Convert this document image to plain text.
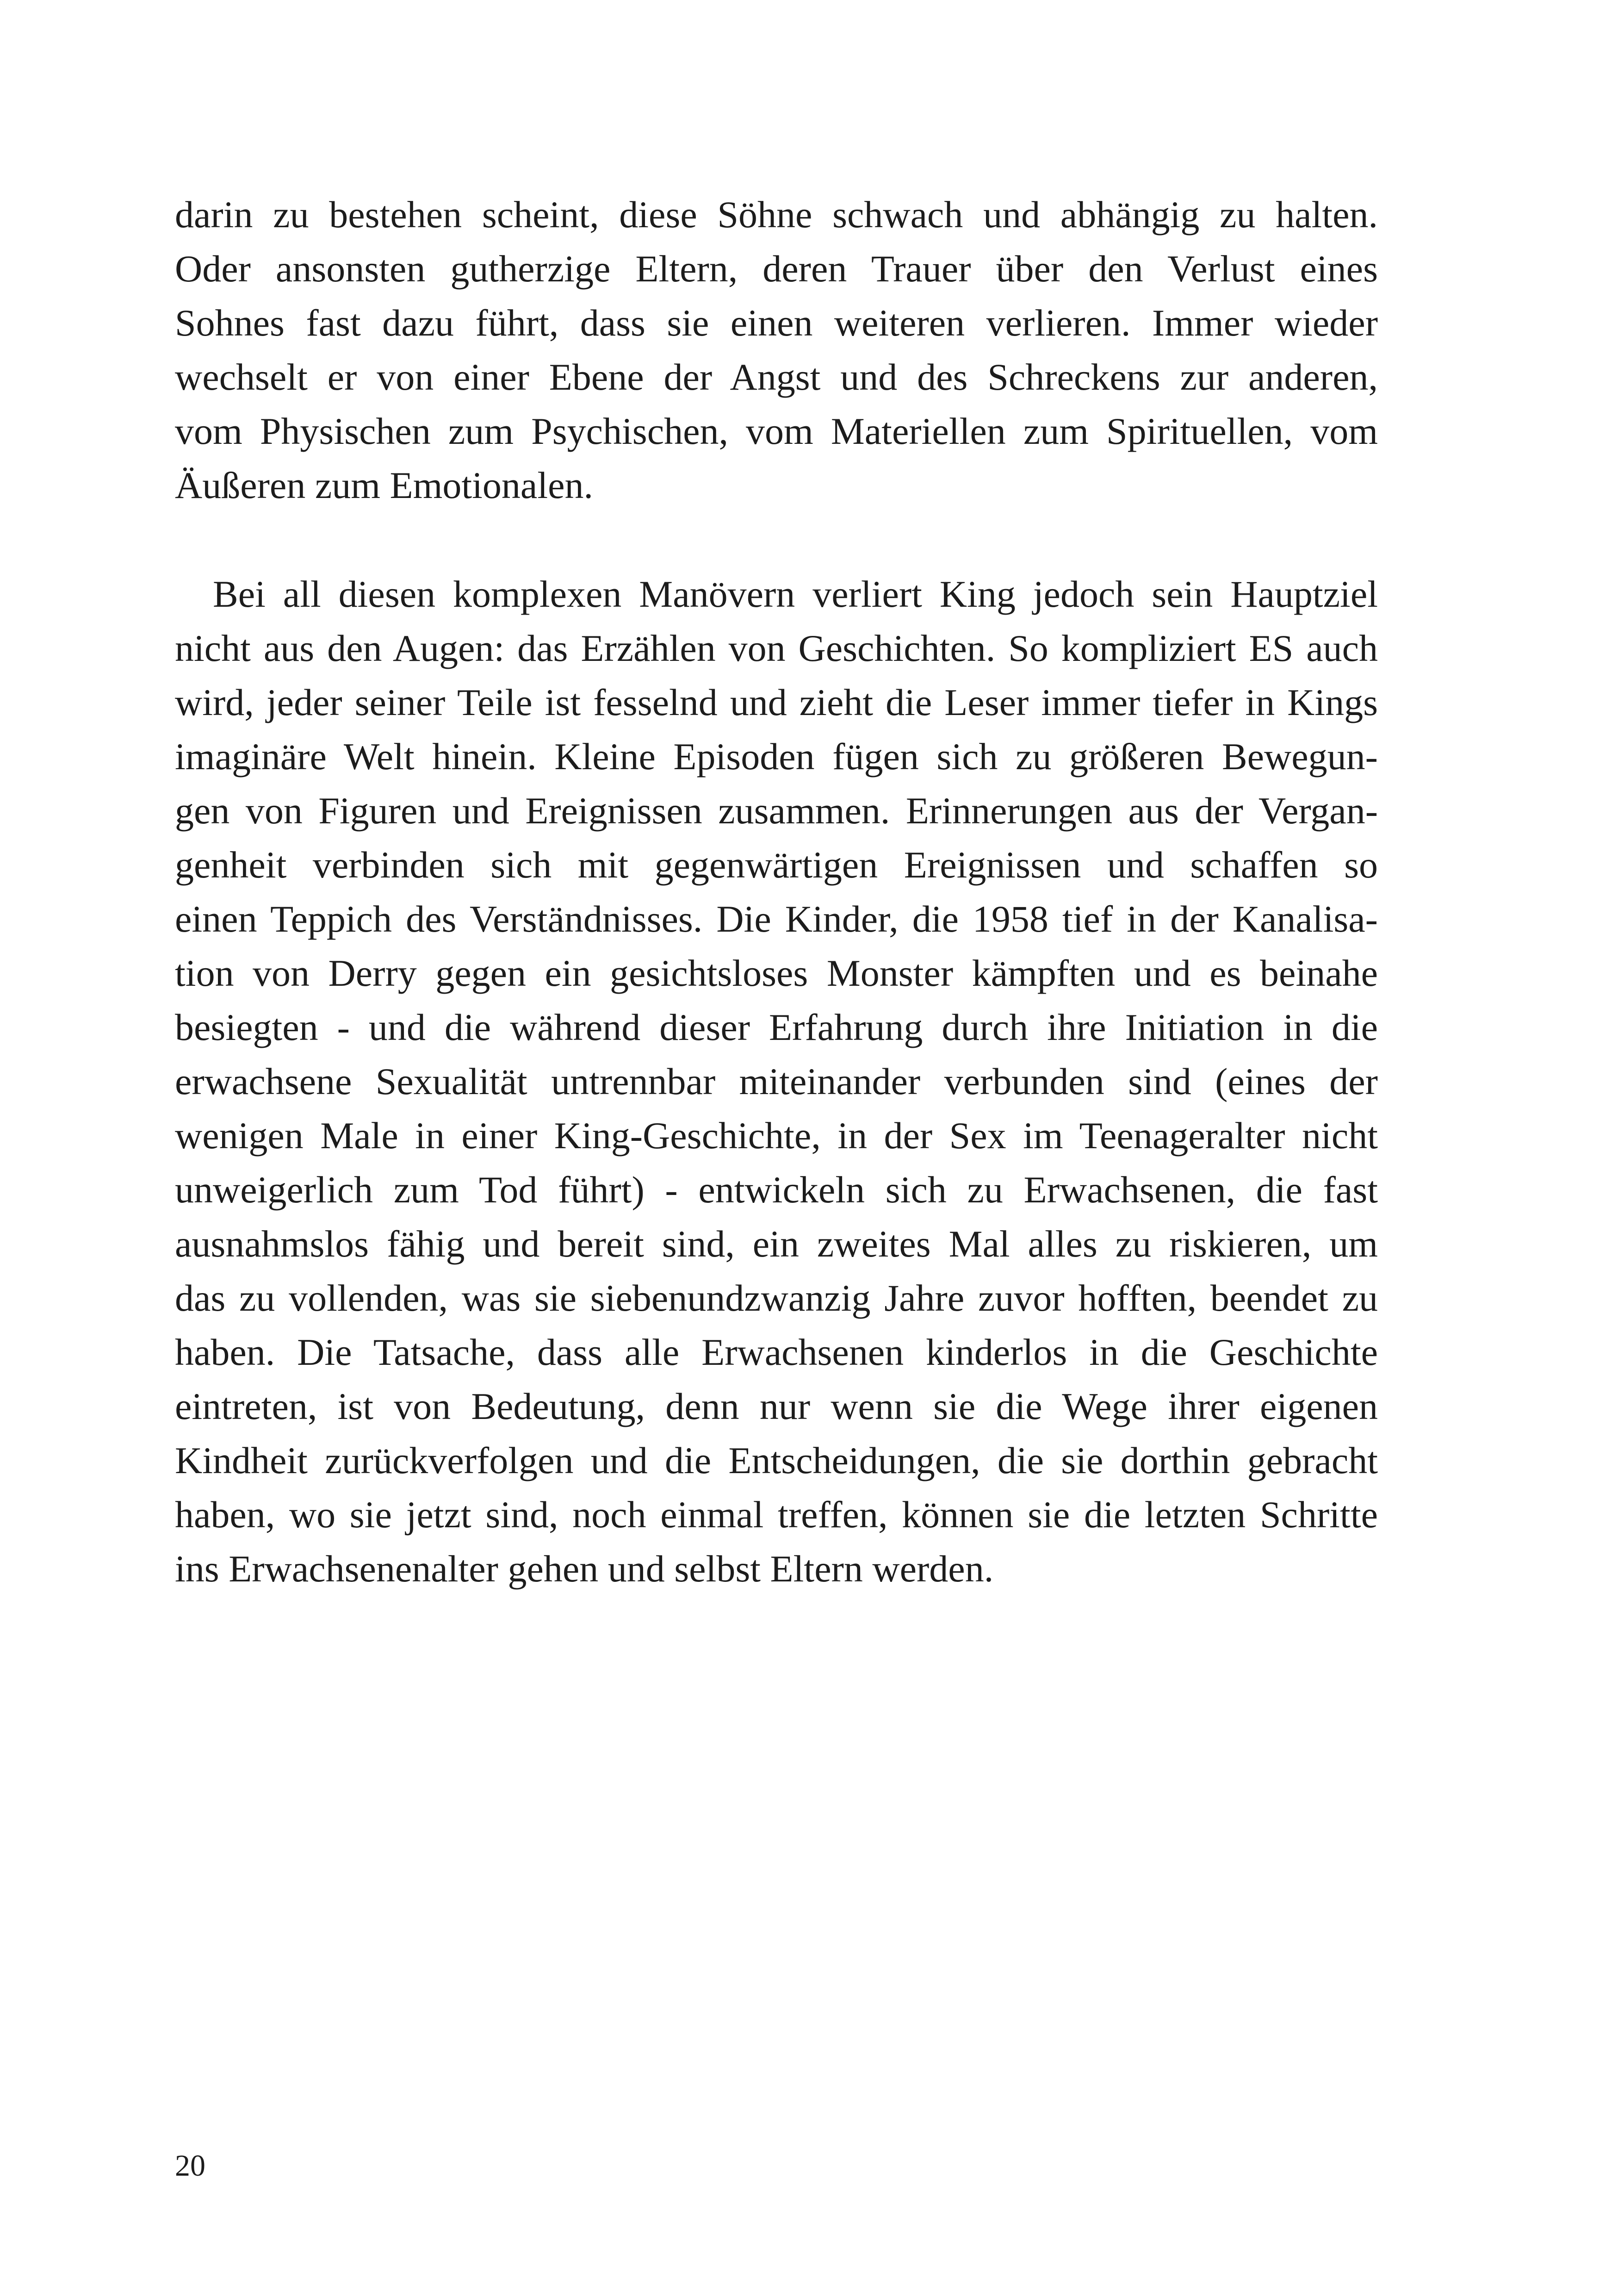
darin zu bestehen scheint, diese Söhne schwach und abhängig zu halten.
Oder ansonsten gutherzige Eltern, deren Trauer über den Verlust eines
Sohnes fast dazu führt, dass sie einen weiteren verlieren. Immer wieder
wechselt er von einer Ebene der Angst und des Schreckens zur anderen,
vom Physischen zum Psychischen, vom Materiellen zum Spirituellen, vom
Äußeren zum Emotionalen.
Bei all diesen komplexen Manövern verliert King jedoch sein Hauptziel
nicht aus den Augen: das Erzählen von Geschichten. So kompliziert ES auch
wird, jeder seiner Teile ist fesselnd und zieht die Leser immer tiefer in Kings
imaginäre Welt hinein. Kleine Episoden fügen sich zu größeren Bewegun-
gen von Figuren und Ereignissen zusammen. Erinnerungen aus der Vergan-
genheit verbinden sich mit gegenwärtigen Ereignissen und schaffen so
einen Teppich des Verständnisses. Die Kinder, die 1958 tief in der Kanalisa-
tion von Derry gegen ein gesichtsloses Monster kämpften und es beinahe
besiegten - und die während dieser Erfahrung durch ihre Initiation in die
erwachsene Sexualität untrennbar miteinander verbunden sind (eines der
wenigen Male in einer King-Geschichte, in der Sex im Teenageralter nicht
unweigerlich zum Tod führt) - entwickeln sich zu Erwachsenen, die fast
ausnahmslos fähig und bereit sind, ein zweites Mal alles zu riskieren, um
das zu vollenden, was sie siebenundzwanzig Jahre zuvor hofften, beendet zu
haben. Die Tatsache, dass alle Erwachsenen kinderlos in die Geschichte
eintreten, ist von Bedeutung, denn nur wenn sie die Wege ihrer eigenen
Kindheit zurückverfolgen und die Entscheidungen, die sie dorthin gebracht
haben, wo sie jetzt sind, noch einmal treffen, können sie die letzten Schritte
ins Erwachsenenalter gehen und selbst Eltern werden.
20
